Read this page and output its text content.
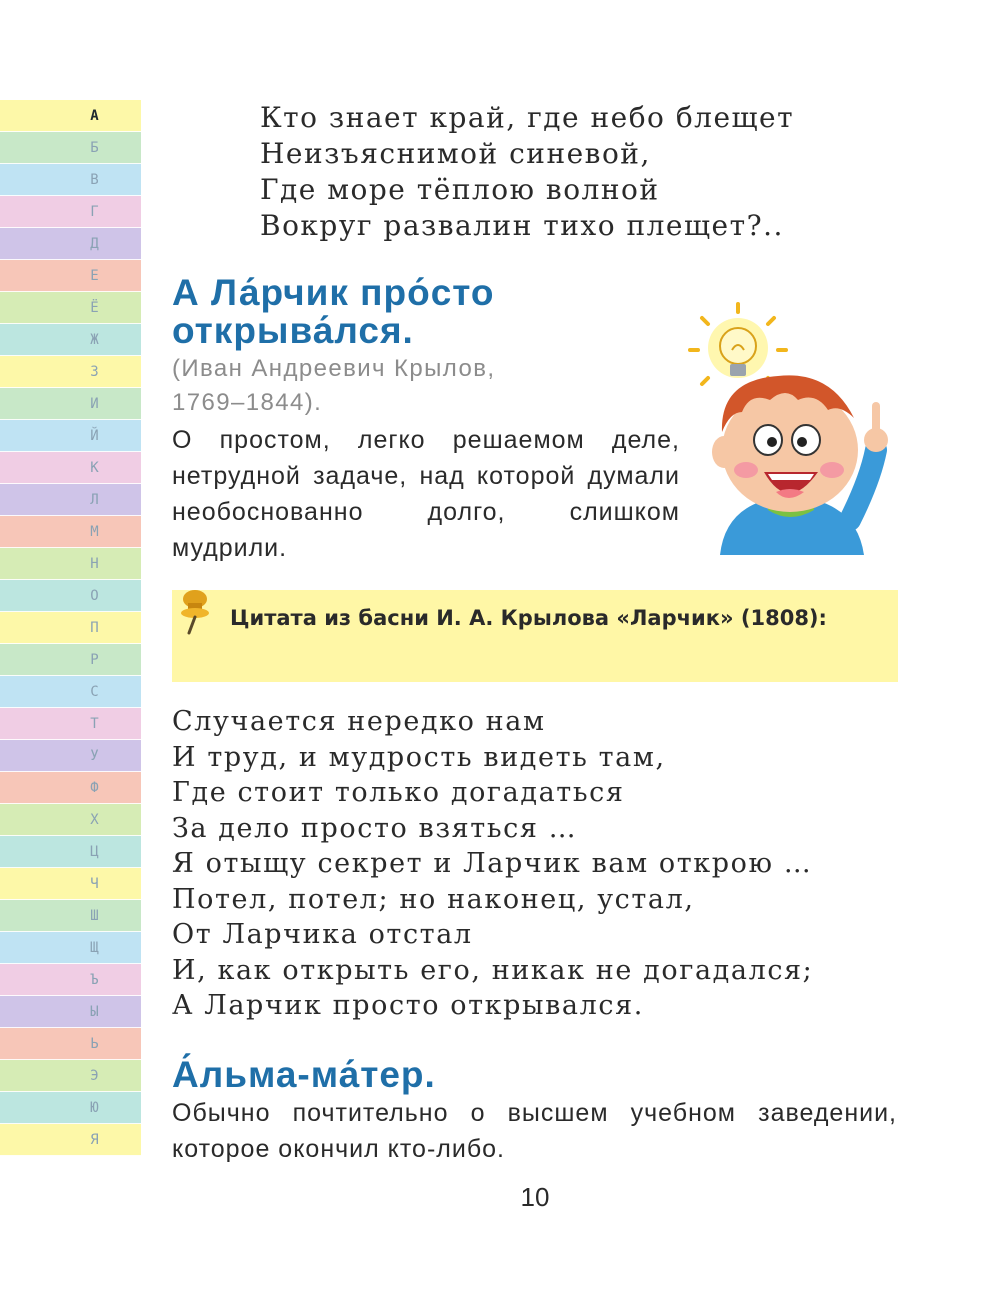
А
Б
В
Г
Д
Е
Ё
Ж
З
И
Й
К
Л
М
Н
О
П
Р
С
Т
У
Ф
Х
Ц
Ч
Ш
Щ
Ъ
Ы
Ь
Э
Ю
Я
Кто знает край, где небо блещет
Неизъяснимой синевой,
Где море тёплою волной
Вокруг развалин тихо плещет?..
А Ла́рчик про́сто
открыва́лся.
(Иван Андреевич Крылов,
1769–1844).
О простом, легко решаемом деле, нетрудной задаче, над которой думали необоснованно долго, слишком мудрили.
Цитата из басни И. А. Крылова «Ларчик» (1808):
Случается нередко нам
И труд, и мудрость видеть там,
Где стоит только догадаться
За дело просто взяться …
Я отыщу секрет и Ларчик вам открою …
Потел, потел; но наконец, устал,
От Ларчика отстал
И, как открыть его, никак не догадался;
А Ларчик просто открывался.
А́льма-ма́тер.
Обычно почтительно о высшем учебном заведении, которое окончил кто-либо.
10
